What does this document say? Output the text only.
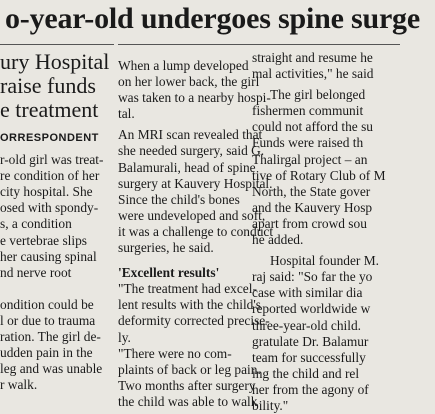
o-year-old undergoes spine surge
ury Hospital
raise funds
e treatment
ORRESPONDENT
r-old girl was treat-
re condition of her
city hospital. She
osed with spondy-
s, a condition
e vertebrae slips
her causing spinal
nd nerve root
ondition could be
l or due to trauma
ration. The girl de-
udden pain in the
leg and was unable
r walk.
When a lump developed
on her lower back, the girl
was taken to a nearby hospi-
tal.
An MRI scan revealed that
she needed surgery, said G.
Balamurali, head of spine
surgery at Kauvery Hospital.
Since the child's bones
were undeveloped and soft,
it was a challenge to conduct
surgeries, he said.
'Excellent results'
"The treatment had excel-
lent results with the child's
deformity corrected precise-
ly.
"There were no com-
plaints of back or leg pain.
Two months after surgery
the child was able to walk
straight and resume he
mal activities," he said
The girl belonged
fishermen communit
could not afford the su
Funds were raised th
Thalirgal project – an
tive of Rotary Club of M
North, the State gover
and the Kauvery Hosp
apart from crowd sou
he added.
Hospital founder M.
raj said: "So far the yo
case with similar dia
reported worldwide w
three-year-old child.
gratulate Dr. Balamur
team for successfully
ing the child and rel
her from the agony of
bility."
